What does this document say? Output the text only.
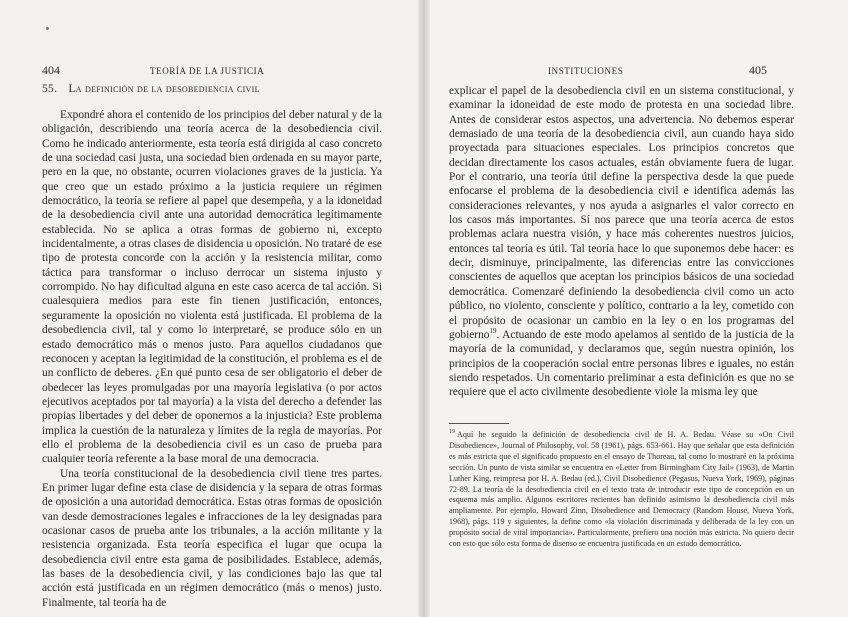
404	TEORÍA DE LA JUSTICIA
55. La definición de la desobediencia civil

Expondré ahora el contenido de los principios del deber natural y de la obligación, describiendo una teoría acerca de la desobediencia civil. Como he indicado anteriormente, esta teoría está dirigida al caso concreto de una sociedad casi justa, una sociedad bien ordenada en su mayor parte, pero en la que, no obstante, ocurren violaciones graves de la justicia. Ya que creo que un estado próximo a la justicia requiere un régimen democrático, la teoría se refiere al papel que desempeña, y a la idoneidad de la desobediencia civil ante una autoridad democrática legítimamente establecida. No se aplica a otras formas de gobierno ni, excepto incidentalmente, a otras clases de disidencia u oposición. No trataré de ese tipo de protesta concorde con la acción y la resistencia militar, como táctica para transformar o incluso derrocar un sistema injusto y corrompido. No hay dificultad alguna en este caso acerca de tal acción. Si cualesquiera medios para este fin tienen justificación, entonces, seguramente la oposición no violenta está justificada. El problema de la desobediencia civil, tal y como lo interpretaré, se produce sólo en un estado democrático más o menos justo. Para aquellos ciudadanos que reconocen y aceptan la legitimidad de la constitución, el problema es el de un conflicto de deberes. ¿En qué punto cesa de ser obligatorio el deber de obedecer las leyes promulgadas por una mayoría legislativa (o por actos ejecutivos aceptados por tal mayoría) a la vista del derecho a defender las propias libertades y del deber de oponernos a la injusticia? Este problema implica la cuestión de la naturaleza y límites de la regla de mayorías. Por ello el problema de la desobediencia civil es un caso de prueba para cualquier teoría referente a la base moral de una democracia.

Una teoría constitucional de la desobediencia civil tiene tres partes. En primer lugar define esta clase de disidencia y la separa de otras formas de oposición a una autoridad democrática. Estas otras formas de oposición van desde demostraciones legales e infracciones de la ley designadas para ocasionar casos de prueba ante los tribunales, a la acción militante y la resistencia organizada. Esta teoría especifica el lugar que ocupa la desobediencia civil entre esta gama de posibilidades. Establece, además, las bases de la desobediencia civil, y las condiciones bajo las que tal acción está justificada en un régimen democrático (más o menos) justo. Finalmente, tal teoría ha de

INSTITUCIONES	405

explicar el papel de la desobediencia civil en un sistema constitucional, y examinar la idoneidad de este modo de protesta en una sociedad libre. Antes de considerar estos aspectos, una advertencia. No debemos esperar demasiado de una teoría de la desobediencia civil, aun cuando haya sido proyectada para situaciones especiales. Los principios concretos que decidan directamente los casos actuales, están obviamente fuera de lugar. Por el contrario, una teoría útil define la perspectiva desde la que puede enfocarse el problema de la desobediencia civil e identifica además las consideraciones relevantes, y nos ayuda a asignarles el valor correcto en los casos más importantes. Sí nos parece que una teoría acerca de estos problemas aclara nuestra visión, y hace más coherentes nuestros juicios, entonces tal teoría es útil. Tal teoría hace lo que suponemos debe hacer: es decir, disminuye, principalmente, las diferencias entre las convicciones conscientes de aquellos que aceptan los principios básicos de una sociedad democrática. Comenzaré definiendo la desobediencia civil como un acto público, no violento, consciente y político, contrario a la ley, cometido con el propósito de ocasionar un cambio en la ley o en los programas del gobierno$^{19}$. Actuando de este modo apelamos al sentido de la justicia de la mayoría de la comunidad, y declaramos que, según nuestra opinión, los principios de la cooperación social entre personas libres e iguales, no están siendo respetados. Un comentario preliminar a esta definición es que no se requiere que el acto civilmente desobediente viole la misma ley que

$^{19}$ Aquí he seguido la definición de desobediencia civil de H. A. Bedau. Véase su «On Civil Disobedience», Journal of Philosophy, vol. 58 (1961), págs. 653-661. Hay que señalar que esta definición es más estricta que el significado propuesto en el ensayo de Thoreau, tal como lo mostraré en la próxima sección. Un punto de vista similar se encuentra en «Letter from Birmingham City Jail» (1963), de Martin Luther King, reimpresa por H. A. Bedau (ed.), Civil Disobedience (Pegasus, Nueva York, 1969), páginas 72-89. La teoría de la desobediencia civil en el texto trata de introducir este tipo de concepción en un esquema más amplio. Algunos escritores recientes han definido asimismo la desobediencia civil más ampliamente. Por ejemplo, Howard Zinn, Disobedience and Democracy (Random House, Nueva York, 1968), págs. 119 y siguientes, la define como «la violación discriminada y deliberada de la ley con un propósito social de vital importancia». Particularmente, prefiero una noción más estricta. No quiero decir con esto que sólo esta forma de disenso se encuentra justificada en un estado democrático.
